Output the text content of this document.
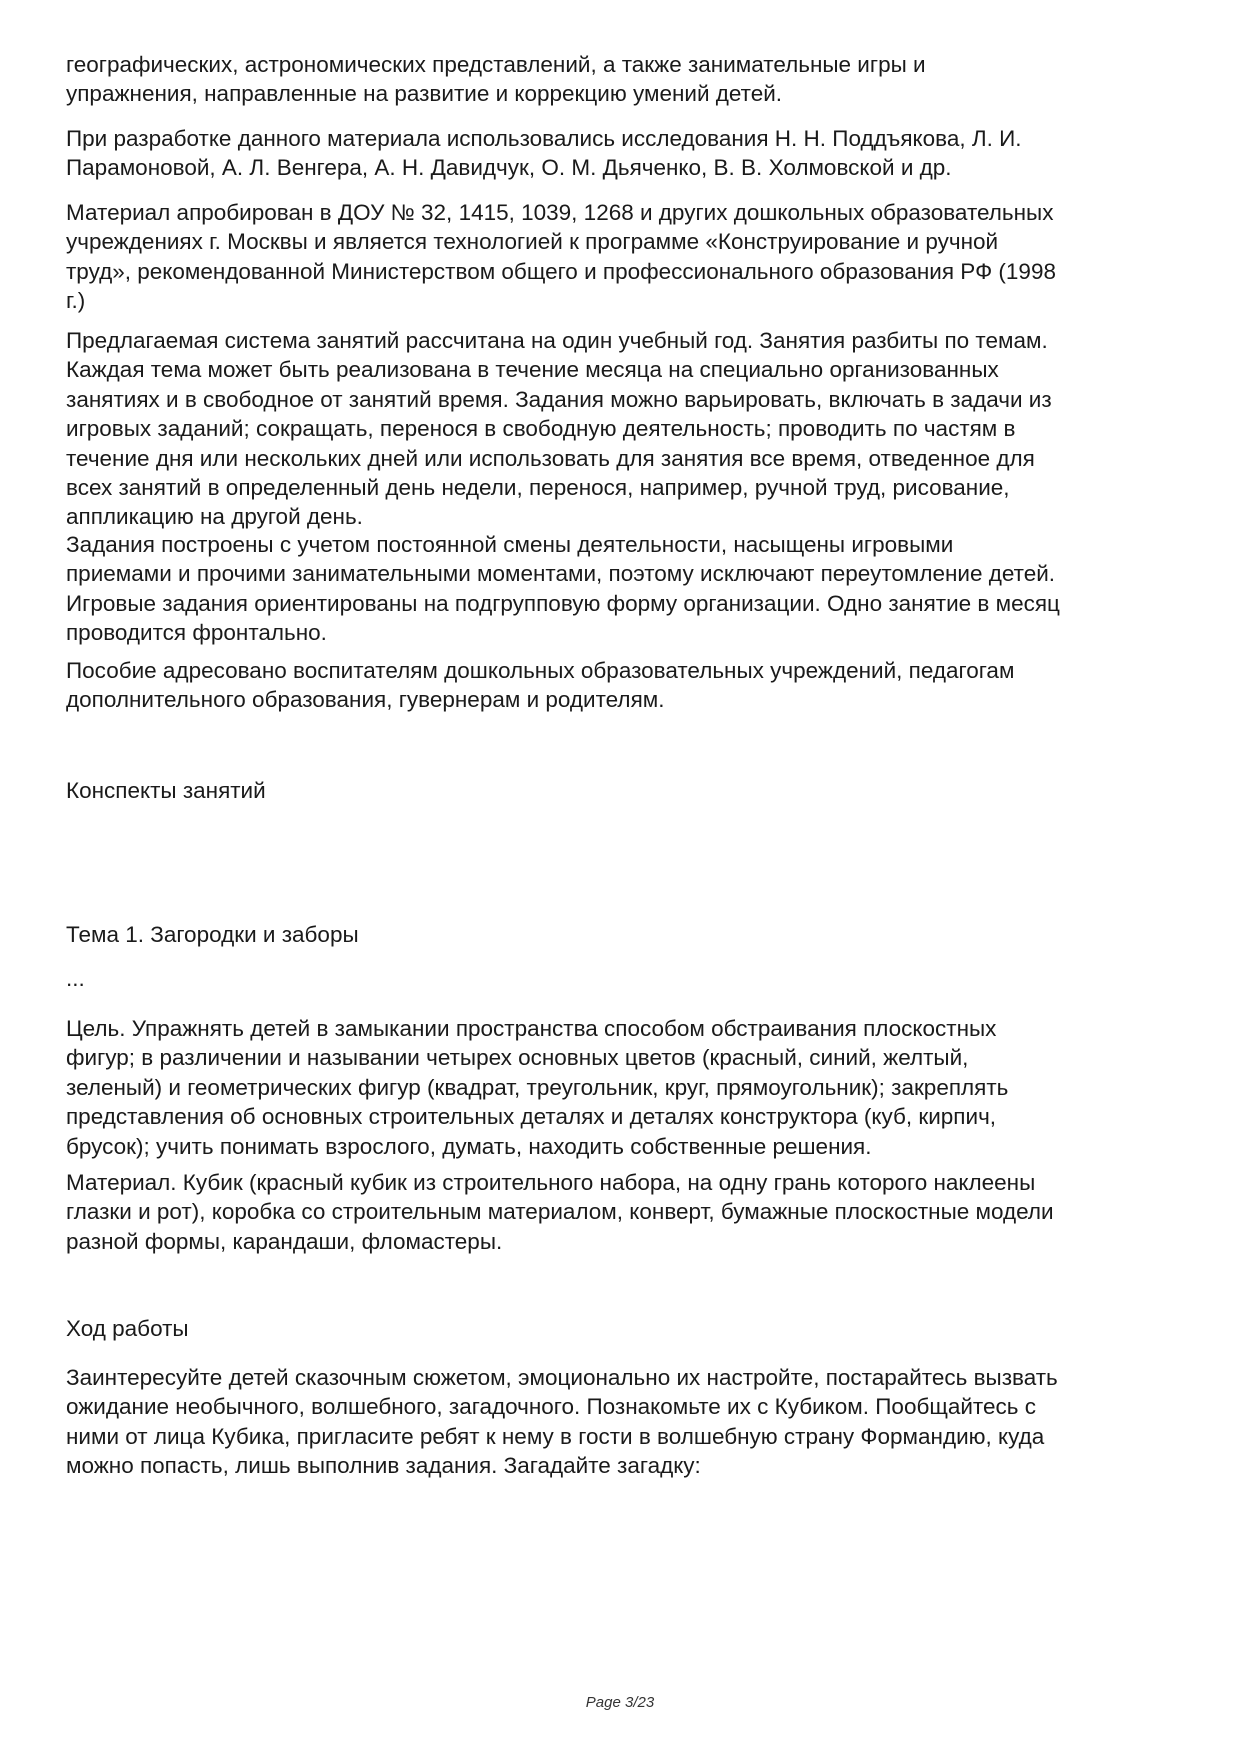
географических, астрономических представлений, а также занимательные игры и
упражнения, направленные на развитие и коррекцию умений детей.

При разработке данного материала использовались исследования Н. Н. Поддъякова, Л. И.
Парамоновой, А. Л. Венгера, А. Н. Давидчук, О. М. Дьяченко, В. В. Холмовской и др.

Материал апробирован в ДОУ № 32, 1415, 1039, 1268 и других дошкольных образовательных
учреждениях г. Москвы и является технологией к программе «Конструирование и ручной
труд», рекомендованной Министерством общего и профессионального образования РФ (1998
г.)

Предлагаемая система занятий рассчитана на один учебный год. Занятия разбиты по темам.
Каждая тема может быть реализована в течение месяца на специально организованных
занятиях и в свободное от занятий время. Задания можно варьировать, включать в задачи из
игровых заданий; сокращать, перенося в свободную деятельность; проводить по частям в
течение дня или нескольких дней или использовать для занятия все время, отведенное для
всех занятий в определенный день недели, перенося, например, ручной труд, рисование,
аппликацию на другой день.

Задания построены с учетом постоянной смены деятельности, насыщены игровыми
приемами и прочими занимательными моментами, поэтому исключают переутомление детей.
Игровые задания ориентированы на подгрупповую форму организации. Одно занятие в месяц
проводится фронтально.

Пособие адресовано воспитателям дошкольных образовательных учреждений, педагогам
дополнительного образования, гувернерам и родителям.

Конспекты занятий

Тема 1. Загородки и заборы

...

Цель. Упражнять детей в замыкании пространства способом обстраивания плоскостных
фигур; в различении и назывании четырех основных цветов (красный, синий, желтый,
зеленый) и геометрических фигур (квадрат, треугольник, круг, прямоугольник); закреплять
представления об основных строительных деталях и деталях конструктора (куб, кирпич,
брусок); учить понимать взрослого, думать, находить собственные решения.

Материал. Кубик (красный кубик из строительного набора, на одну грань которого наклеены
глазки и рот), коробка со строительным материалом, конверт, бумажные плоскостные модели
разной формы, карандаши, фломастеры.

Ход работы

Заинтересуйте детей сказочным сюжетом, эмоционально их настройте, постарайтесь вызвать
ожидание необычного, волшебного, загадочного. Познакомьте их с Кубиком. Пообщайтесь с
ними от лица Кубика, пригласите ребят к нему в гости в волшебную страну Формандию, куда
можно попасть, лишь выполнив задания. Загадайте загадку:

Page 3/23
